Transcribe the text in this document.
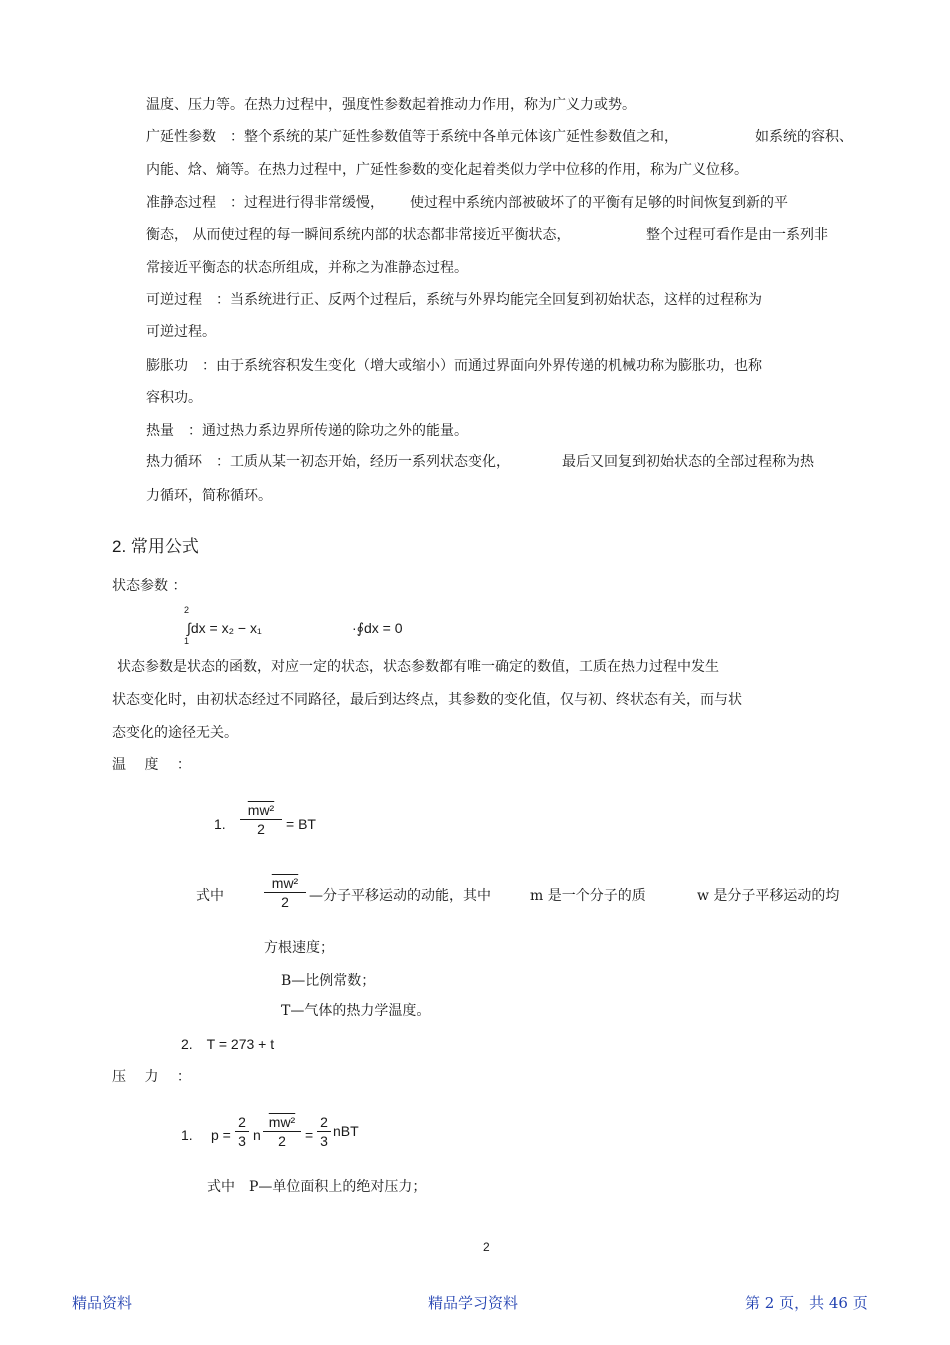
温度、压力等。在热力过程中，强度性参数起着推动力作用，称为广义力或势。
广延性参数　：整个系统的某广延性参数值等于系统中各单元体该广延性参数值之和，	如系统的容积、
内能、焓、熵等。在热力过程中，广延性参数的变化起着类似力学中位移的作用，称为广义位移。
准静态过程　：过程进行得非常缓慢， 使过程中系统内部被破坏了的平衡有足够的时间恢复到新的平
衡态， 从而使过程的每一瞬间系统内部的状态都非常接近平衡状态，	整个过程可看作是由一系列非
常接近平衡态的状态所组成，并称之为准静态过程。
可逆过程　：当系统进行正、反两个过程后，系统与外界均能完全回复到初始状态，这样的过程称为
可逆过程。
膨胀功　：由于系统容积发生变化（增大或缩小）而通过界面向外界传递的机械功称为膨胀功，也称
容积功。
热量　：通过热力系边界所传递的除功之外的能量。
热力循环　：工质从某一初态开始，经历一系列状态变化，	最后又回复到初始状态的全部过程称为热
力循环，简称循环。
2. 常用公式
状态参数 ：
2
1
∫dx = x₂ − x₁	·∮dx = 0
状态参数是状态的函数，对应一定的状态，状态参数都有唯一确定的数值，工质在热力过程中发生
状态变化时，由初状态经过不同路径，最后到达终点，其参数的变化值，仅与初、终状态有关，而与状
态变化的途径无关。
温　 度　 ：
1.
mw²
2	= BT
式中
mw²
2	—分子平移运动的动能，其中	m 是一个分子的质	w 是分子平移运动的均
方根速度；
B—比例常数；
T—气体的热力学温度。
2.　T = 273 + t
压　 力　 ：
1. p =
2
3 n
mw²
2	=
2
3
nBT
式中　P—单位面积上的绝对压力；
2
精品资料	精品学习资料	第 2 页，共 46 页
